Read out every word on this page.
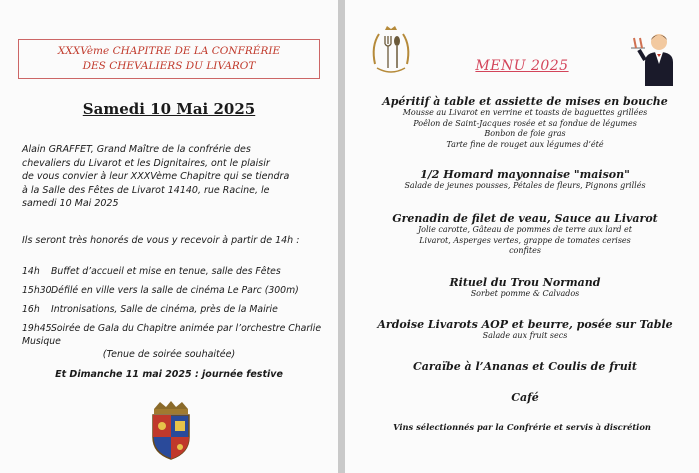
XXXVème CHAPITRE DE LA CONFRÉRIE
DES CHEVALIERS DU LIVAROT
Samedi 10 Mai 2025
Alain GRAFFET, Grand Maître de la confrérie des
chevaliers du Livarot et les Dignitaires, ont le plaisir
de vous convier à leur XXXVème Chapitre qui se tiendra
à la Salle des Fêtes de Livarot 14140, rue Racine, le
samedi 10 Mai 2025
Ils seront très honorés de vous y recevoir à partir de 14h :
14h Buffet d’accueil et mise en tenue, salle des Fêtes
15h30 Défilé en ville vers la salle de cinéma Le Parc (300m)
16h Intronisations, Salle de cinéma, près de la Mairie
19h45 Soirée de Gala du Chapitre animée par l’orchestre Charlie Musique
(Tenue de soirée souhaitée)
Et Dimanche 11 mai 2025 : journée festive
MENU 2025
Apéritif à table et assiette de mises en bouche
Mousse au Livarot en verrine et toasts de baguettes grillées
Poêlon de Saint-Jacques rosée et sa fondue de légumes
Bonbon de foie gras
Tarte fine de rouget aux légumes d’été
1/2 Homard mayonnaise "maison"
Salade de jeunes pousses, Pétales de fleurs, Pignons grillés
Grenadin de filet de veau, Sauce au Livarot
Jolie carotte, Gâteau de pommes de terre aux lard et
Livarot, Asperges vertes, grappe de tomates cerises
confites
Rituel du Trou Normand
Sorbet pomme & Calvados
Ardoise Livarots AOP et beurre, posée sur Table
Salade aux fruit secs
Caraïbe à l’Ananas et Coulis de fruit
Café
Vins sélectionnés par la Confrérie et servis à discrétion
